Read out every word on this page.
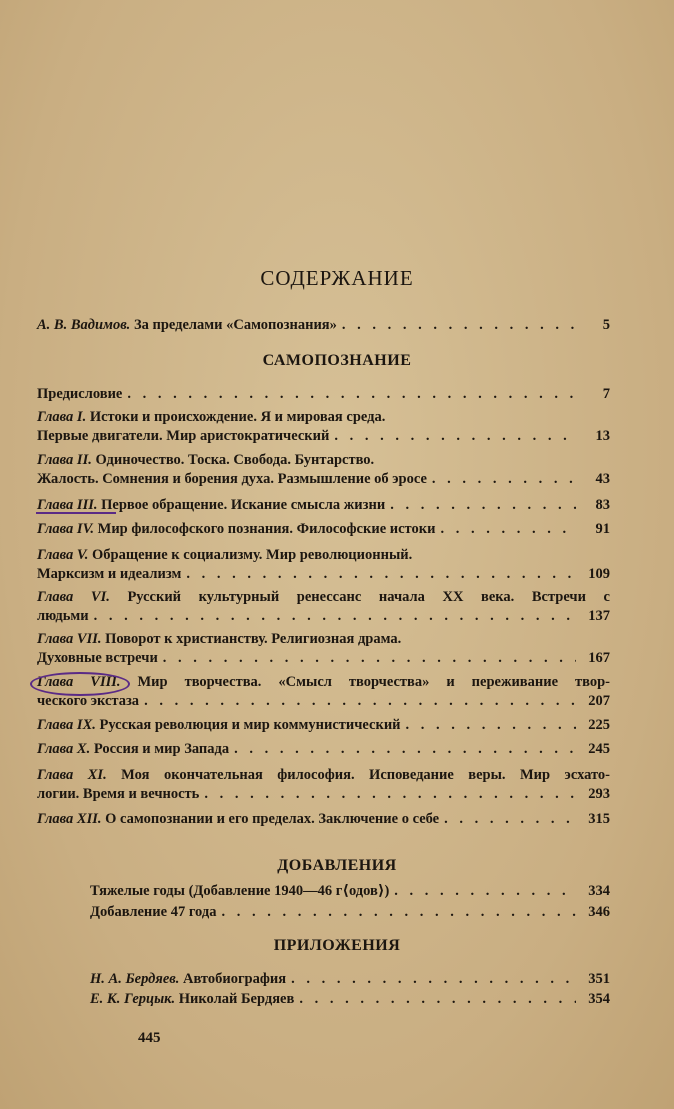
СОДЕРЖАНИЕ
А. В. Вадимов. За пределами «Самопознания» . . .	5
САМОПОЗНАНИЕ
Предисловие . . .	7
Глава I. Истоки и происхождение. Я и мировая среда.
Первые двигатели. Мир аристократический . . .	13
Глава II. Одиночество. Тоска. Свобода. Бунтарство.
Жалость. Сомнения и борения духа. Размышление об эросе . . .	43
Глава III. Первое обращение. Искание смысла жизни . . .	83
Глава IV. Мир философского познания. Философские истоки . . .	91
Глава V. Обращение к социализму. Мир революционный.
Марксизм и идеализм . . .	109
Глава VI. Русский культурный ренессанс начала XX века. Встречи с
людьми . . .	137
Глава VII. Поворот к христианству. Религиозная драма.
Духовные встречи . . .	167
Глава VIII. Мир творчества. «Смысл творчества» и переживание твор-
ческого экстаза . . .	207
Глава IX. Русская революция и мир коммунистический . . .	225
Глава X. Россия и мир Запада . . .	245
Глава XI. Моя окончательная философия. Исповедание веры. Мир эсхато-
логии. Время и вечность . . .	293
Глава XII. О самопознании и его пределах. Заключение о себе . . .	315
ДОБАВЛЕНИЯ
Тяжелые годы (Добавление 1940—46 г⟨одов⟩) . . .	334
Добавление 47 года . . .	346
ПРИЛОЖЕНИЯ
Н. А. Бердяев. Автобиография . . .	351
Е. К. Герцык. Николай Бердяев . . .	354
445
